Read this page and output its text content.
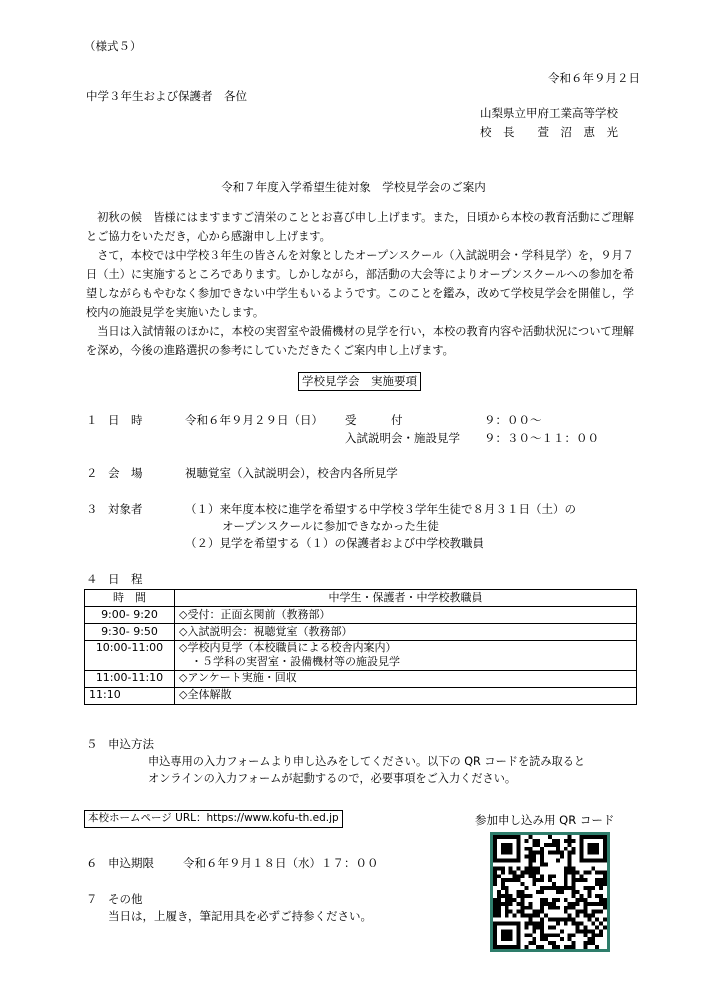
（様式５）
令和６年９月２日
中学３年生および保護者　各位
山梨県立甲府工業高等学校
校　長　　萱　沼　恵　光
令和７年度入学希望生徒対象　学校見学会のご案内

初秋の候　皆様にはますますご清栄のこととお喜び申し上げます。また，日頃から本校の教育活動にご理解とご協力をいただき，心から感謝申し上げます。

さて，本校では中学校３年生の皆さんを対象としたオープンスクール（入試説明会・学科見学）を，９月７日（土）に実施するところであります。しかしながら，部活動の大会等によりオープンスクールへの参加を希望しながらもやむなく参加できない中学生もいるようです。このことを鑑み，改めて学校見学会を開催し，学校内の施設見学を実施いたします。

当日は入試情報のほかに，本校の実習室や設備機材の見学を行い，本校の教育内容や活動状況について理解を深め，今後の進路選択の参考にしていただきたくご案内申し上げます。

学校見学会　実施要項
１ 日　時	令和６年９月２９日（日） 受　　　付	９：００～
入試説明会・施設見学 ９：３０～１１：００
２ 会　場	視聴覚室（入試説明会），校舎内各所見学
３ 対象者	（１）来年度本校に進学を希望する中学校３学年生徒で８月３１日（土）の
オープンスクールに参加できなかった生徒
（２）見学を希望する（１）の保護者および中学校教職員
４ 日　程
時　間	中学生・保護者・中学校教職員
9:00- 9:20	◇受付：正面玄関前（教務部）
9:30- 9:50	◇入試説明会：視聴覚室（教務部）
10:00-11:00	◇学校内見学（本校職員による校舎内案内）
・５学科の実習室・設備機材等の施設見学

11:00-11:10	◇アンケート実施・回収
11:10	◇全体解散
５ 申込方法
申込専用の入力フォームより申し込みをしてください。以下の QR コードを読み取ると
オンラインの入力フォームが起動するので，必要事項をご入力ください。
本校ホームページ URL：https://www.kofu-th.ed.jp	参加申し込み用 QR コード
６ 申込期限	令和６年９月１８日（水）１７：００
７ その他
当日は，上履き，筆記用具を必ずご持参ください。
